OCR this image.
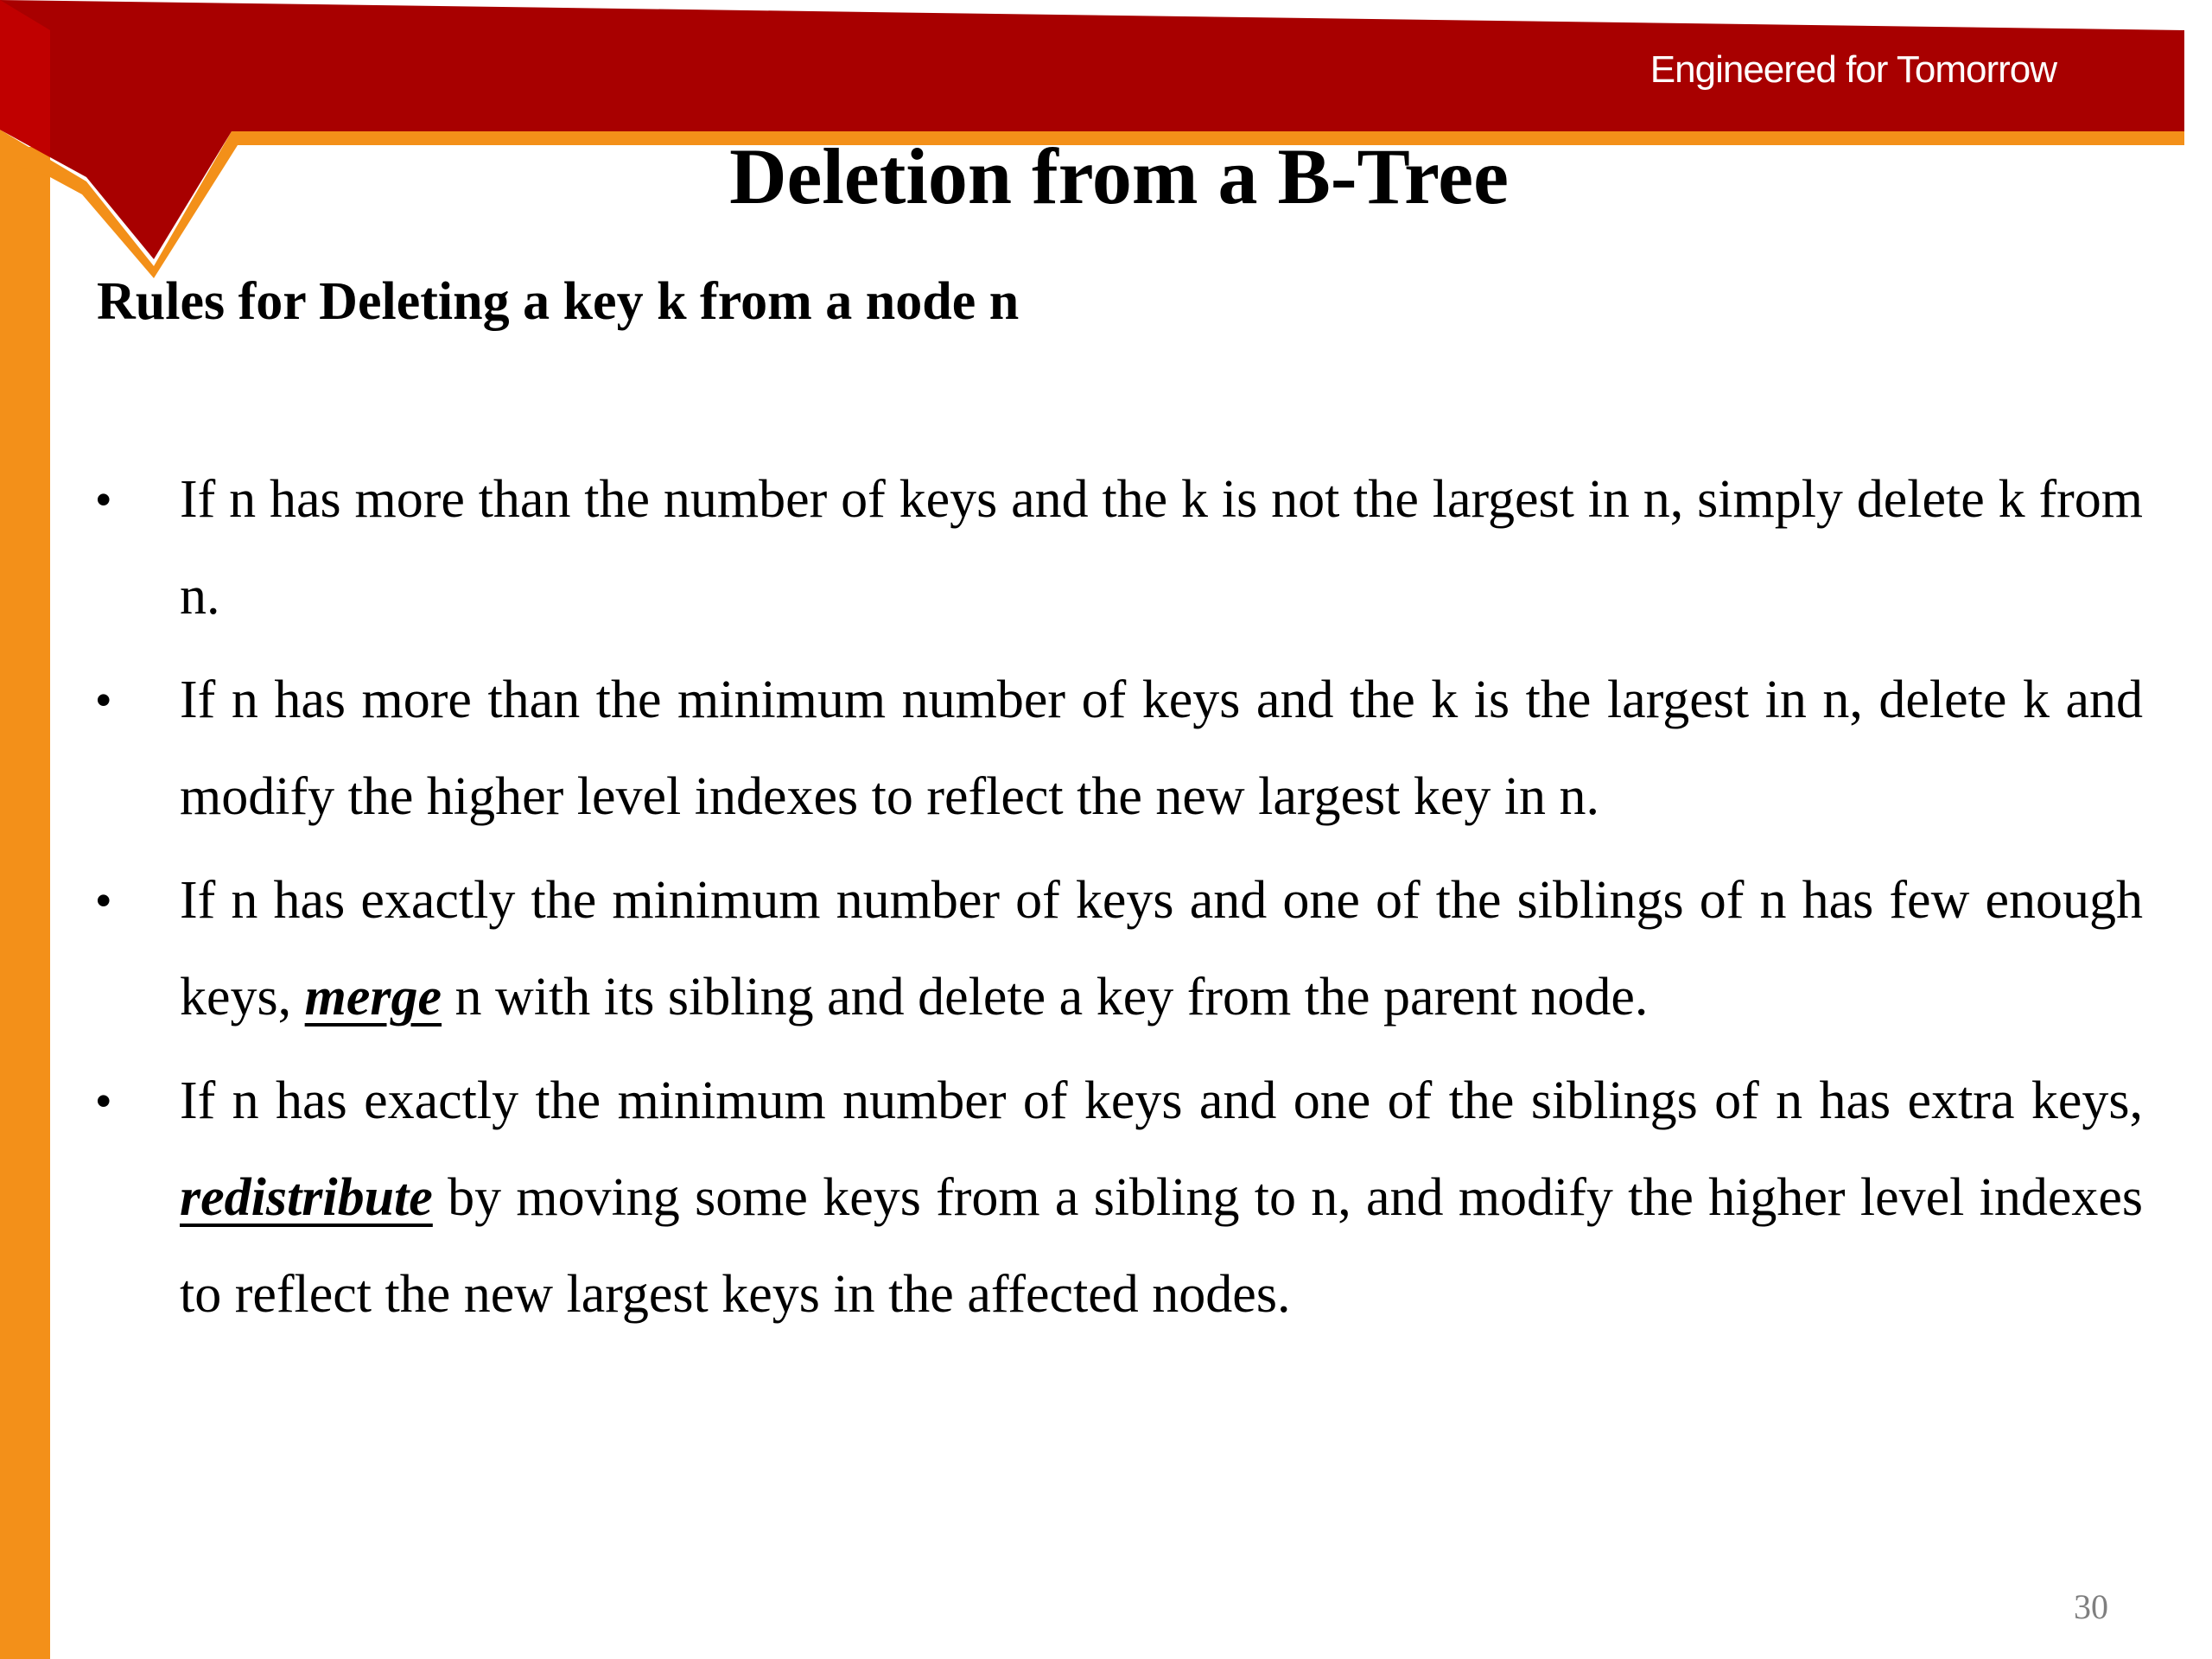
Engineered for Tomorrow
Deletion from a B-Tree
Rules for Deleting a key k from a node n
• If n has more than the number of keys and the k is not the largest in n, simply delete k from n.
• If n has more than the minimum number of keys and the k is the largest in n, delete k and modify the higher level indexes to reflect the new largest key in n.
• If n has exactly the minimum number of keys and one of the siblings of n has few enough keys, merge n with its sibling and delete a key from the parent node.
• If n has exactly the minimum number of keys and one of the siblings of n has extra keys, redistribute by moving some keys from a sibling to n, and modify the higher level indexes to reflect the new largest keys in the affected nodes.
30
